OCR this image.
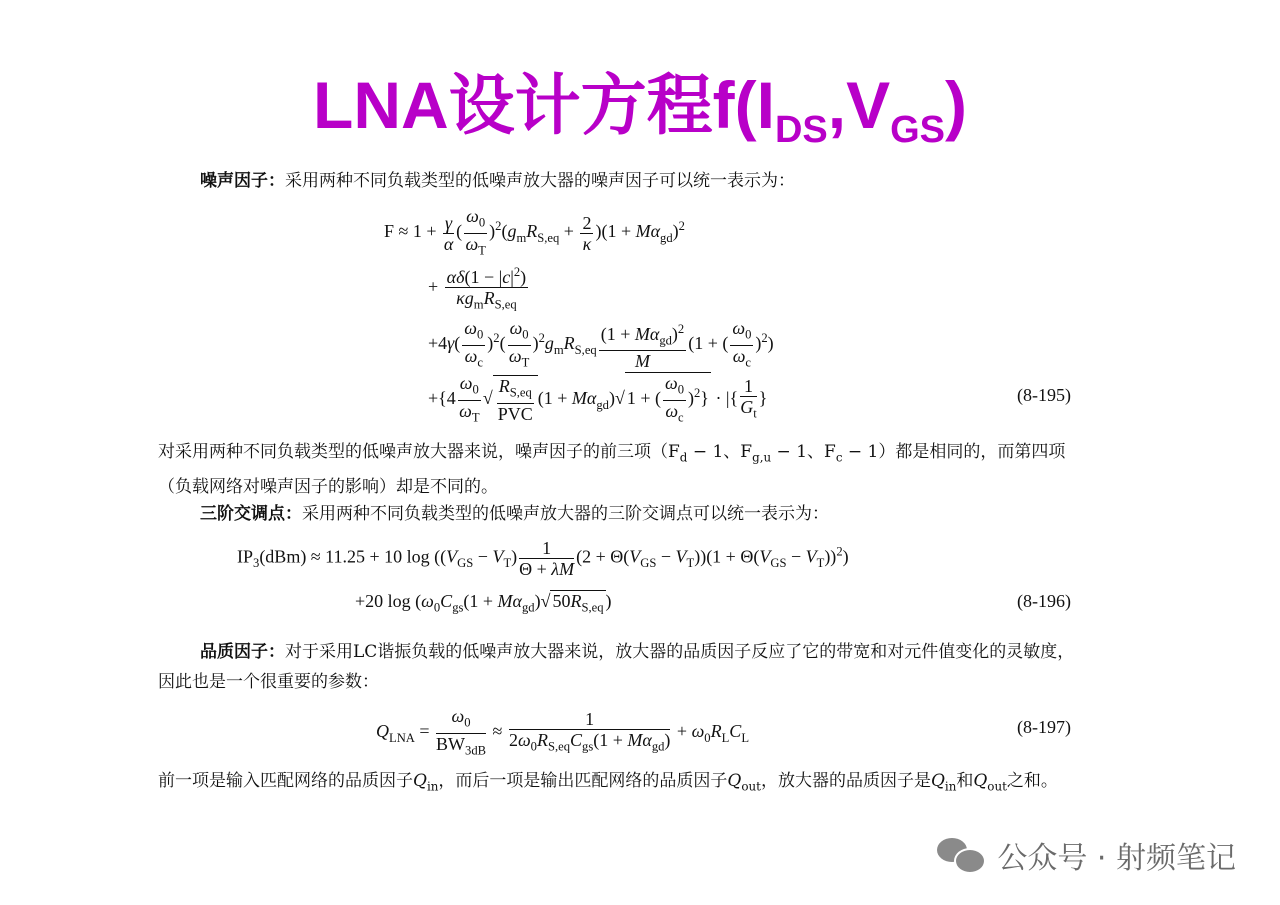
LNA设计方程$f(I_{DS},V_{GS})$
噪声因子：采用两种不同负载类型的低噪声放大器的噪声因子可以统一表示为：
$F \approx 1 + \frac{\gamma}{\alpha}$ ( $\frac{\omega_0}{\omega_T} )^2(g_mR_{S,eq} + \frac{2}{\kappa} )(1 + M\alpha_{gd})^2$
+ $\frac{\alpha\delta(1 - |c|^2)}{\kappa g_mR_{S,eq}}$
$+4\gamma( \frac{\omega_0}{\omega_c} )^2( \frac{\omega_0}{\omega_T} )^2g_mR_{S,eq} \frac{(1 + M\alpha_{gd})^2}{M} (1$ + ( $\frac{\omega_0}{\omega_c} )^2$)
$+\{4 \frac{\omega_0}{\omega_T}$ √ $\frac{R_{S,eq}}{\text{PVC}} (1 + M\alpha_{gd})√$ 1 + ( $\frac{\omega_0}{\omega_c} )^2$} · |{ $\frac{1}{G_t}$ }	(8-195)
对采用两种不同负载类型的低噪声放大器来说，噪声因子的前三项（$F_d - 1$、$F_{g,u} - 1$、$F_c - 1$）都是相同的，而第四项（负载网络对噪声因子的影响）却是不同的。
三阶交调点：采用两种不同负载类型的低噪声放大器的三阶交调点可以统一表示为：
$IP_3(dBm) \approx 11.25 + 10$ $\log ((V_{GS} - V_T) \frac{1}{\Theta + \lambda M} (2 + \Theta(V_{GS} - V_T))(1 + \Theta(V_{GS} - V_T))^2)$
+20 $\log (\omega_0C_{gs}(1 + M\alpha_{gd})√$ $50R_{S,eq}$ )	(8-196)
品质因子：对于采用LC谐振负载的低噪声放大器来说，放大器的品质因子反应了它的带宽和对元件值变化的灵敏度，因此也是一个很重要的参数：
$Q_{LNA} = \frac{\omega_0}{BW_{3dB}} \approx \frac{1}{2\omega_0R_{S,eq}C_{gs}(1 + M\alpha_{gd})} + \omega_0R_LC_L$
(8-197)
前一项是输入匹配网络的品质因子$Q_{in}$，而后一项是输出匹配网络的品质因子$Q_{out}$，放大器的品质因子是$Q_{in}$和$Q_{out}$之和。
公众号 · 射频笔记
